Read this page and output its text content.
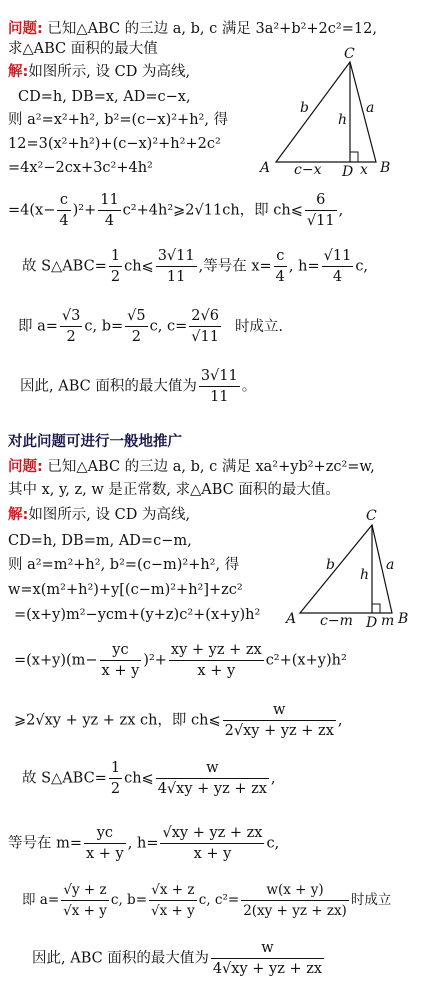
问题: 已知△ABC 的三边 a, b, c 满足 3a²+b²+2c²=12,
求△ABC 面积的最大值
解:如图所示, 设 CD 为高线,
CD=h, DB=x, AD=c−x,
则 a²=x²+h², b²=(c−x)²+h², 得
12=3(x²+h²)+(c−x)²+h²+2c²
=4x²−2cx+3c²+4h²
C
A	B
D
a
b
h
c−x	x
$=4(x- \frac{c}{4} )^2+ \frac{11}{4}$ c²+4h²⩾2√11ch，即 ch⩽ $\frac{6}{√11}$ ,
故 S△ABC= $\frac{1}{2}$ ch⩽ $\frac{3√11}{11}$ ,等号在 $x= \frac{c}{4}$ , $h= \frac{√11}{4} c$,
即 $a= \frac{√3}{2} c$, $b= \frac{√5}{2} c$, $c= \frac{2√6}{√11}$ 时成立.
因此, ABC 面积的最大值为 $\frac{3√11}{11}$ 。
对此问题可进行一般地推广
问题: 已知△ABC 的三边 a, b, c 满足 xa²+yb²+zc²=w,
其中 x, y, z, w 是正常数, 求△ABC 面积的最大值。
解:如图所示, 设 CD 为高线,
CD=h, DB=m, AD=c−m,
则 a²=m²+h², b²=(c−m)²+h², 得
w=x(m²+h²)+y[(c−m)²+h²]+zc²
=(x+y)m²−ycm+(y+z)c²+(x+y)h²
C
A	B
D
a
b
h
c−m m
$=(x+y)(m- \frac{yc}{x + y} )^2+ \frac{xy + yz + zx}{x + y} c^2+(x+y)h^2$
⩾2√xy + yz + zx ch，即 ch⩽ $\frac{w}{2√xy + yz + zx}$ ,
故 S△ABC= $\frac{1}{2}$ ch⩽ $\frac{w}{4√xy + yz + zx}$ ,
等号在 $m= \frac{yc}{x + y}$ , $h= \frac{√xy + yz + zx}{x + y} c$,
即 $a= \frac{√y + z}{√x + y} c$, $b= \frac{√x + z}{√x + y} c$, $c^2= \frac{w(x + y)}{2(xy + yz + zx)}$ 时成立
因此, ABC 面积的最大值为 $\frac{w}{4√xy + yz + zx}$
